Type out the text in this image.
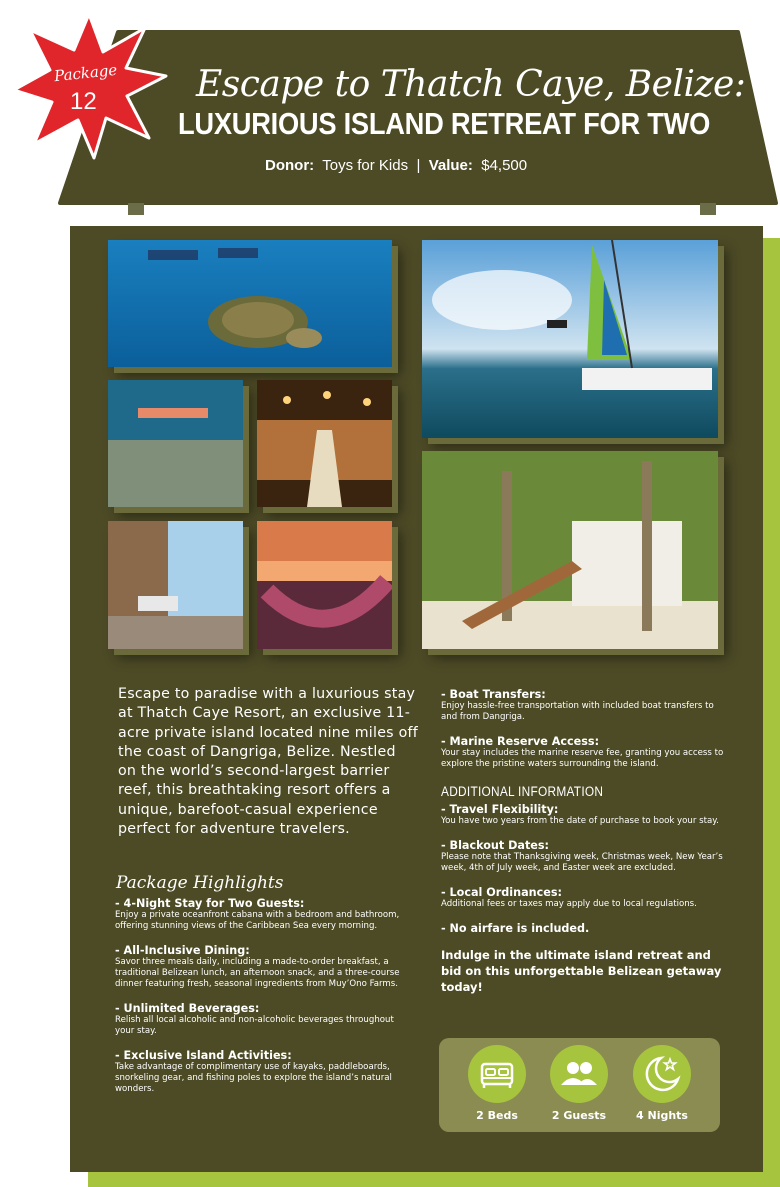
Package
12	Escape to Thatch Caye, Belize: A
LUXURIOUS ISLAND RETREAT FOR TWO
Donor: Toys for Kids | Value: $4,500
Escape to paradise with a luxurious stay at Thatch Caye Resort, an exclusive 11-acre private island located nine miles off the coast of Dangriga, Belize. Nestled on the world’s second-largest barrier reef, this breathtaking resort offers a unique, barefoot-casual experience perfect for adventure travelers.
Package Highlights
- 4-Night Stay for Two Guests:
Enjoy a private oceanfront cabana with a bedroom and bathroom, offering stunning views of the Caribbean Sea every morning.
- All-Inclusive Dining:
Savor three meals daily, including a made-to-order breakfast, a traditional Belizean lunch, an afternoon snack, and a three-course dinner featuring fresh, seasonal ingredients from Muy’Ono Farms.
- Unlimited Beverages:
Relish all local alcoholic and non-alcoholic beverages throughout your stay.
- Exclusive Island Activities:
Take advantage of complimentary use of kayaks, paddleboards, snorkeling gear, and fishing poles to explore the island’s natural wonders.
- Boat Transfers:
Enjoy hassle-free transportation with included boat transfers to and from Dangriga.
- Marine Reserve Access:
Your stay includes the marine reserve fee, granting you access to explore the pristine waters surrounding the island.
ADDITIONAL INFORMATION
- Travel Flexibility:
You have two years from the date of purchase to book your stay.
- Blackout Dates:
Please note that Thanksgiving week, Christmas week, New Year’s week, 4th of July week, and Easter week are excluded.
- Local Ordinances:
Additional fees or taxes may apply due to local regulations.
- No airfare is included.
Indulge in the ultimate island retreat and bid on this unforgettable Belizean getaway today!
2 Beds	2 Guests	4 Nights
